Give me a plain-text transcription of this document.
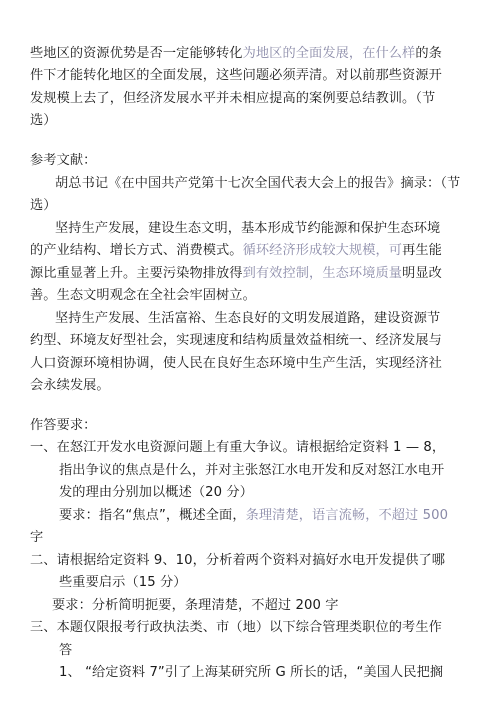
些地区的资源优势是否一定能够转化为地区的全面发展，在什么样的条
件下才能转化地区的全面发展，这些问题必须弄清。对以前那些资源开
发规模上去了，但经济发展水平并未相应提高的案例要总结教训。（节
选）
参考文献：
胡总书记《在中国共产党第十七次全国代表大会上的报告》摘录：（节
选）
坚持生产发展，建设生态文明，基本形成节约能源和保护生态环境
的产业结构、增长方式、消费模式。循环经济形成较大规模，可再生能
源比重显著上升。主要污染物排放得到有效控制，生态环境质量明显改
善。生态文明观念在全社会牢固树立。
坚持生产发展、生活富裕、生态良好的文明发展道路，建设资源节
约型、环境友好型社会，实现速度和结构质量效益相统一、经济发展与
人口资源环境相协调，使人民在良好生态环境中生产生活，实现经济社
会永续发展。
作答要求：
一、在怒江开发水电资源问题上有重大争议。请根据给定资料 1 — 8，
指出争议的焦点是什么，并对主张怒江水电开发和反对怒江水电开
发的理由分别加以概述（20 分）
要求：指名“焦点”，概述全面，条理清楚，语言流畅，不超过 500
字
二、请根据给定资料 9、10，分析着两个资料对搞好水电开发提供了哪
些重要启示（15 分）
要求：分析简明扼要，条理清楚，不超过 200 字
三、本题仅限报考行政执法类、市（地）以下综合管理类职位的考生作
答
1、 “给定资料 7”引了上海某研究所 G 所长的话，“美国人民把搁
